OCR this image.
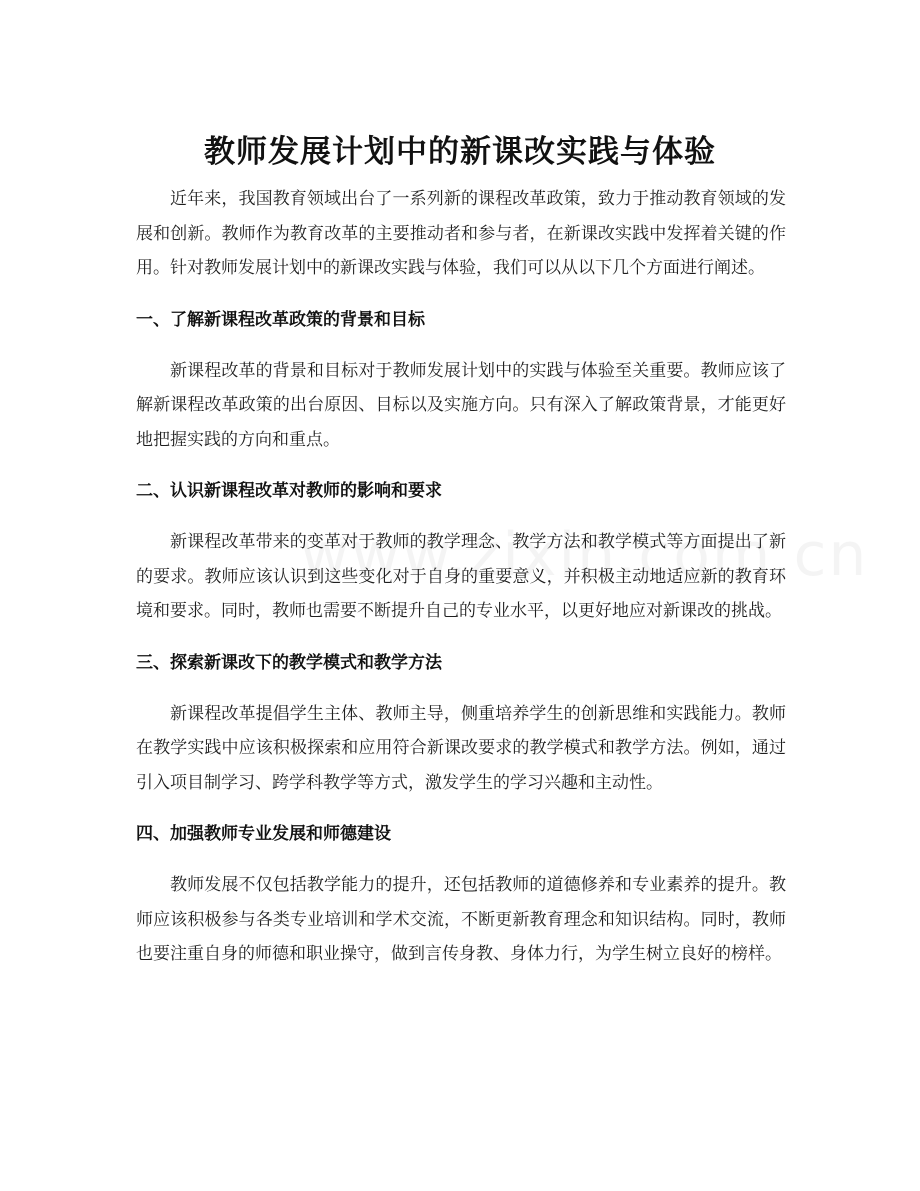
教师发展计划中的新课改实践与体验

近年来，我国教育领域出台了一系列新的课程改革政策，致力于推动教育领域的发展和创新。教师作为教育改革的主要推动者和参与者，在新课改实践中发挥着关键的作用。针对教师发展计划中的新课改实践与体验，我们可以从以下几个方面进行阐述。

一、了解新课程改革政策的背景和目标

新课程改革的背景和目标对于教师发展计划中的实践与体验至关重要。教师应该了解新课程改革政策的出台原因、目标以及实施方向。只有深入了解政策背景，才能更好地把握实践的方向和重点。

二、认识新课程改革对教师的影响和要求

新课程改革带来的变革对于教师的教学理念、教学方法和教学模式等方面提出了新的要求。教师应该认识到这些变化对于自身的重要意义，并积极主动地适应新的教育环境和要求。同时，教师也需要不断提升自己的专业水平，以更好地应对新课改的挑战。

三、探索新课改下的教学模式和教学方法

新课程改革提倡学生主体、教师主导，侧重培养学生的创新思维和实践能力。教师在教学实践中应该积极探索和应用符合新课改要求的教学模式和教学方法。例如，通过引入项目制学习、跨学科教学等方式，激发学生的学习兴趣和主动性。

四、加强教师专业发展和师德建设

教师发展不仅包括教学能力的提升，还包括教师的道德修养和专业素养的提升。教师应该积极参与各类专业培训和学术交流，不断更新教育理念和知识结构。同时，教师也要注重自身的师德和职业操守，做到言传身教、身体力行，为学生树立良好的榜样。
